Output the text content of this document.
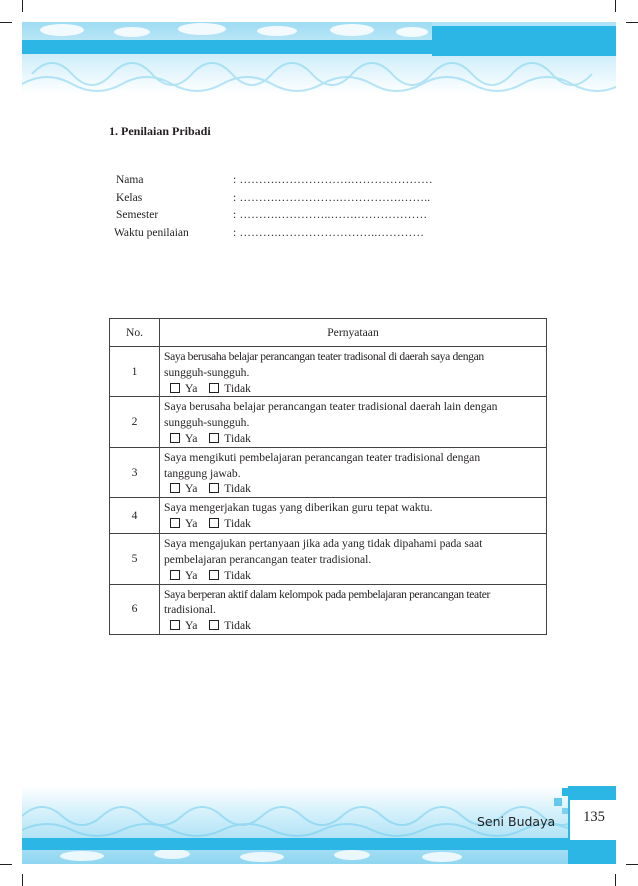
1. Penilaian Pribadi
Nama	: ……….……………….…………………
Kelas	: ……….…………….…………….……..
Semester	: ……….…………..…….………………
Waktu penilaian	: ……….……………………..…………
No.	Pernyataan
1	Saya berusaha belajar perancangan teater tradisonal di daerah saya dengan
sungguh-sungguh.
Ya Tidak

2	Saya berusaha belajar perancangan teater tradisional daerah lain dengan
sungguh-sungguh.
Ya Tidak

3	Saya mengikuti pembelajaran perancangan teater tradisional dengan
tanggung jawab.
Ya Tidak

4	Saya mengerjakan tugas yang diberikan guru tepat waktu.
Ya Tidak

5	Saya mengajukan pertanyaan jika ada yang tidak dipahami pada saat
pembelajaran perancangan teater tradisional.
Ya Tidak

6	Saya berperan aktif dalam kelompok pada pembelajaran perancangan teater
tradisional.
Ya Tidak
135
Seni Budaya
